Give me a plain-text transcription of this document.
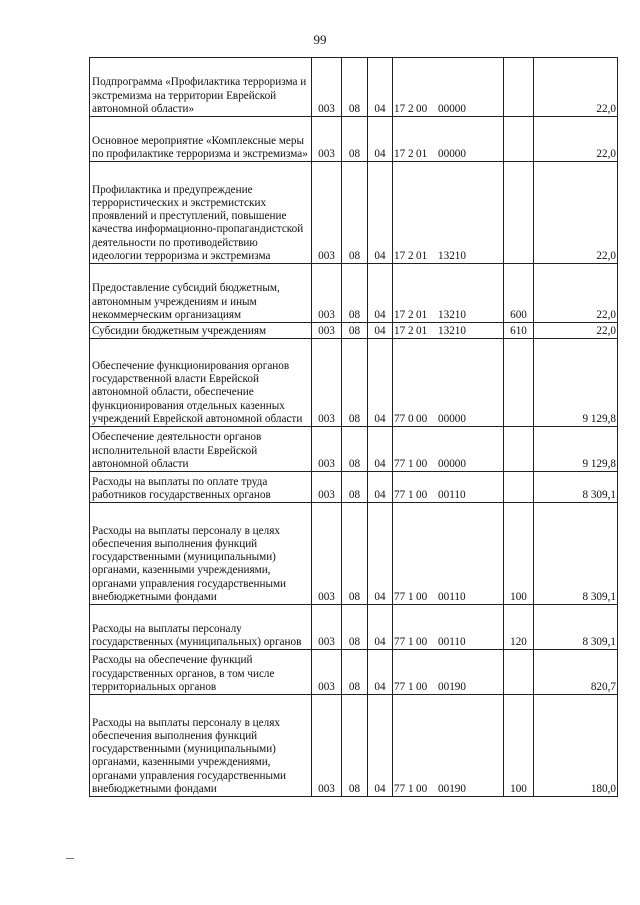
99
Подпрограмма «Профилактика терроризма и экстремизма на территории Еврейской автономной области»	003	08	04	17 2 00 00000		22,0
Основное мероприятие «Комплексные меры по профилактике терроризма и экстремизма»	003	08	04	17 2 01 00000		22,0
Профилактика и предупреждение террористических и экстремистских проявлений и преступлений, повышение качества информационно-пропагандистской деятельности по противодействию идеологии терроризма и экстремизма	003	08	04	17 2 01 13210		22,0
Предоставление субсидий бюджетным, автономным учреждениям и иным некоммерческим организациям	003	08	04	17 2 01 13210	600	22,0
Субсидии бюджетным учреждениям	003	08	04	17 2 01 13210	610	22,0
Обеспечение функционирования органов государственной власти Еврейской автономной области, обеспечение функционирования отдельных казенных учреждений Еврейской автономной области	003	08	04	77 0 00 00000		9 129,8
Обеспечение деятельности органов исполнительной власти Еврейской автономной области	003	08	04	77 1 00 00000		9 129,8
Расходы на выплаты по оплате труда работников государственных органов	003	08	04	77 1 00 00110		8 309,1
Расходы на выплаты персоналу в целях обеспечения выполнения функций государственными (муниципальными) органами, казенными учреждениями, органами управления государственными внебюджетными фондами	003	08	04	77 1 00 00110	100	8 309,1
Расходы на выплаты персоналу государственных (муниципальных) органов	003	08	04	77 1 00 00110	120	8 309,1
Расходы на обеспечение функций государственных органов, в том числе территориальных органов	003	08	04	77 1 00 00190		820,7
Расходы на выплаты персоналу в целях обеспечения выполнения функций государственными (муниципальными) органами, казенными учреждениями, органами управления государственными внебюджетными фондами	003	08	04	77 1 00 00190	100	180,0
